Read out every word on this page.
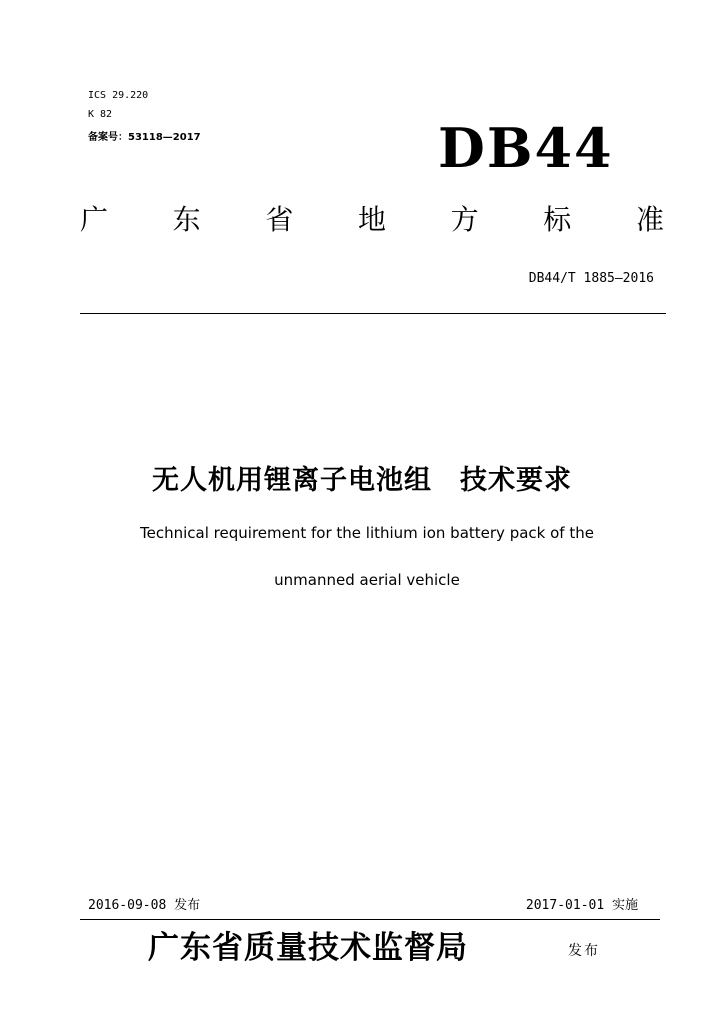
ICS 29.220
K 82
备案号：53118—2017	DB44
广 东 省 地 方 标 准
DB44/T 1885—2016
无人机用锂离子电池组　技术要求
Technical requirement for the lithium ion battery pack of the
unmanned aerial vehicle
2016-09-08 发布	2017-01-01 实施
广东省质量技术监督局	发布
